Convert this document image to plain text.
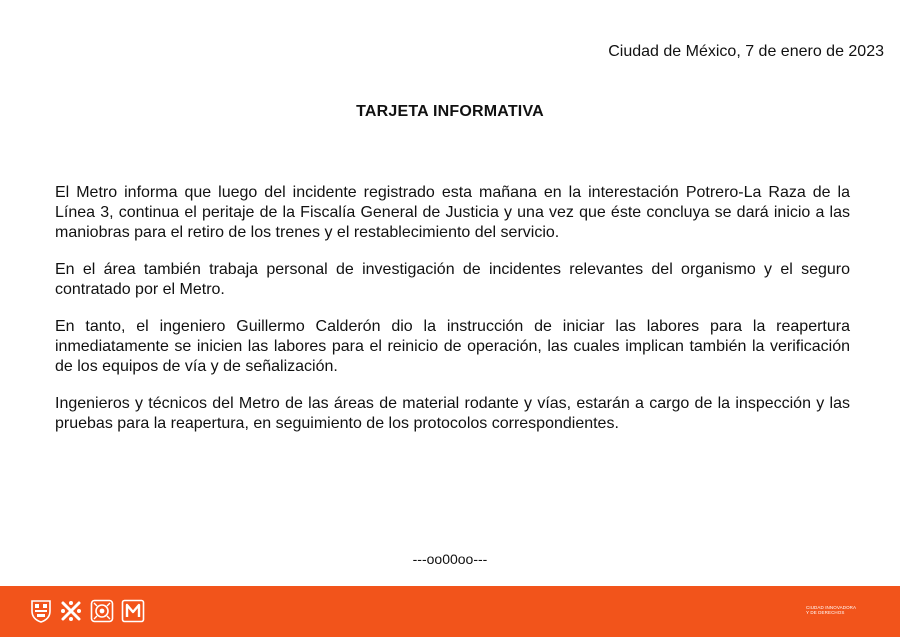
Ciudad de México, 7 de enero de 2023
TARJETA INFORMATIVA

El Metro informa que luego del incidente registrado esta mañana en la interestación Potrero-La Raza de la Línea 3, continua el peritaje de la Fiscalía General de Justicia y una vez que éste concluya se dará inicio a las maniobras para el retiro de los trenes y el restablecimiento del servicio.

En el área también trabaja personal de investigación de incidentes relevantes del organismo y el seguro contratado por el Metro.

En tanto, el ingeniero Guillermo Calderón dio la instrucción de iniciar las labores para la reapertura inmediatamente se inicien las labores para el reinicio de operación, las cuales implican también la verificación de los equipos de vía y de señalización.

Ingenieros y técnicos del Metro de las áreas de material rodante y vías, estarán a cargo de la inspección y las pruebas para la reapertura, en seguimiento de los protocolos correspondientes.

---oo00oo---
CIUDAD INNOVADORA
Y DE DERECHOS
